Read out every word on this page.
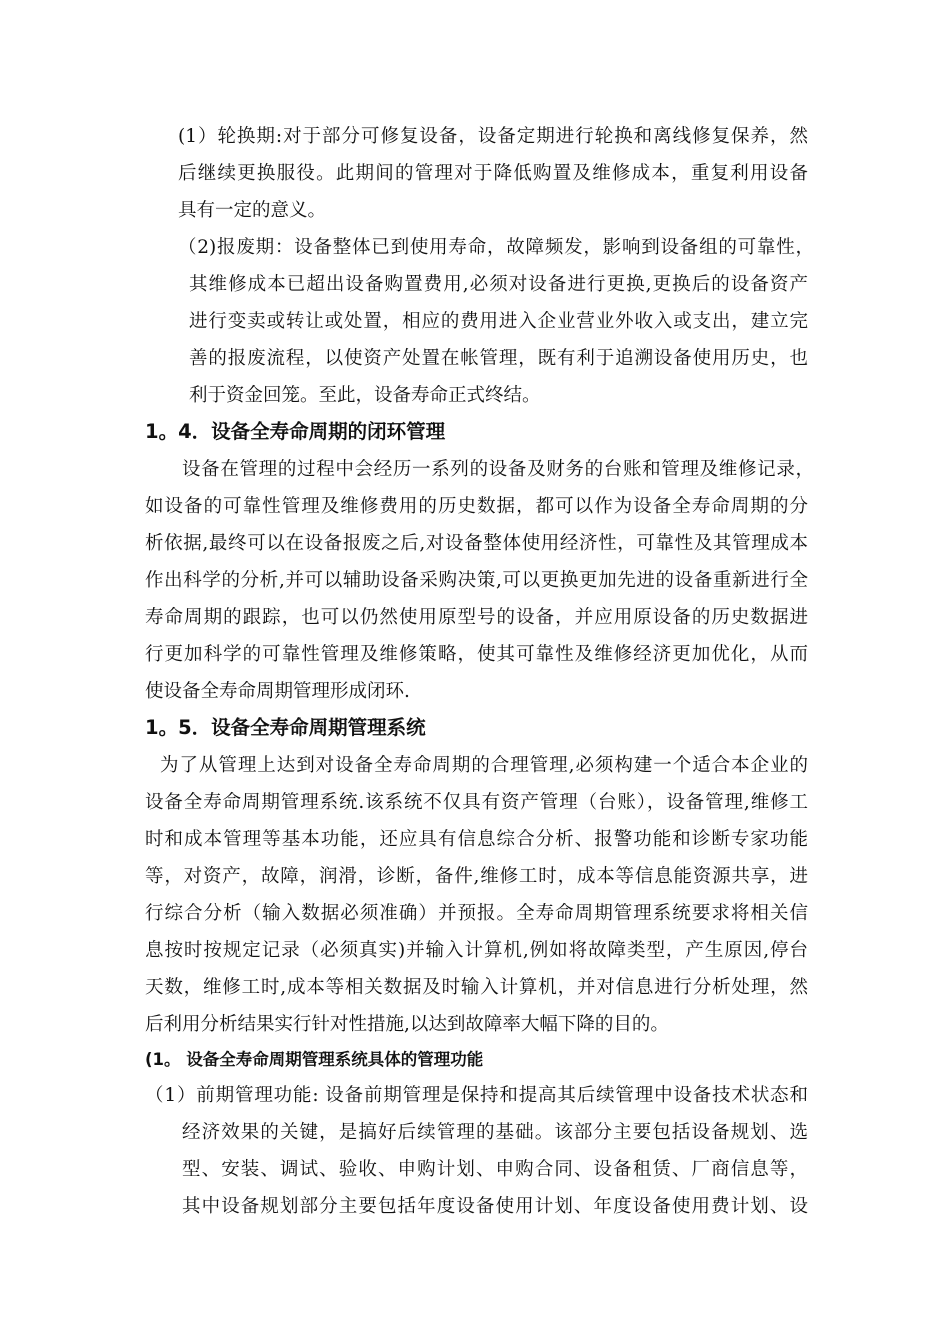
(1）轮换期:对于部分可修复设备，设备定期进行轮换和离线修复保养，然
后继续更换服役。此期间的管理对于降低购置及维修成本，重复利用设备
具有一定的意义。
（2)报废期：设备整体已到使用寿命，故障频发，影响到设备组的可靠性，
其维修成本已超出设备购置费用,必须对设备进行更换,更换后的设备资产
进行变卖或转让或处置，相应的费用进入企业营业外收入或支出，建立完
善的报废流程，以使资产处置在帐管理，既有利于追溯设备使用历史，也
利于资金回笼。至此，设备寿命正式终结。
1。4．设备全寿命周期的闭环管理
设备在管理的过程中会经历一系列的设备及财务的台账和管理及维修记录，
如设备的可靠性管理及维修费用的历史数据，都可以作为设备全寿命周期的分
析依据,最终可以在设备报废之后,对设备整体使用经济性，可靠性及其管理成本
作出科学的分析,并可以辅助设备采购决策,可以更换更加先进的设备重新进行全
寿命周期的跟踪，也可以仍然使用原型号的设备，并应用原设备的历史数据进
行更加科学的可靠性管理及维修策略，使其可靠性及维修经济更加优化，从而
使设备全寿命周期管理形成闭环.
1。5．设备全寿命周期管理系统
为了从管理上达到对设备全寿命周期的合理管理,必须构建一个适合本企业的
设备全寿命周期管理系统.该系统不仅具有资产管理（台账），设备管理,维修工
时和成本管理等基本功能，还应具有信息综合分析、报警功能和诊断专家功能
等，对资产，故障，润滑，诊断，备件,维修工时，成本等信息能资源共享，进
行综合分析（输入数据必须准确）并预报。全寿命周期管理系统要求将相关信
息按时按规定记录（必须真实)并输入计算机,例如将故障类型，产生原因,停台
天数，维修工时,成本等相关数据及时输入计算机，并对信息进行分析处理，然
后利用分析结果实行针对性措施,以达到故障率大幅下降的目的。
(1。 设备全寿命周期管理系统具体的管理功能
（1）前期管理功能: 设备前期管理是保持和提高其后续管理中设备技术状态和
经济效果的关键，是搞好后续管理的基础。该部分主要包括设备规划、选
型、安装、调试、验收、申购计划、申购合同、设备租赁、厂商信息等，
其中设备规划部分主要包括年度设备使用计划、年度设备使用费计划、设
